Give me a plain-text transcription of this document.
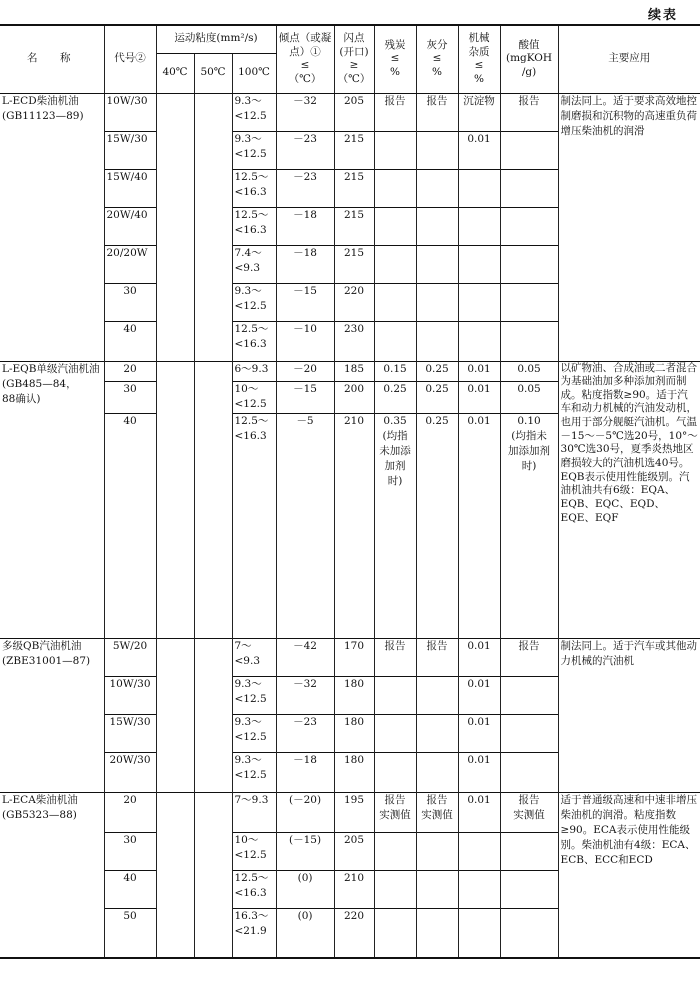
续表
名　称	代号②	运动粘度(mm²/s)			倾点（或凝点）①
≤
（℃）	闪点
(开口)
≥
（℃）	残炭
≤
%	灰分
≤
%	机械
杂质
≤
%	酸值
(mgKOH
/g)	主要应用
		40℃	50℃	100℃							
L-ECD柴油机油
(GB11123—89)	10W/30			9.3～
<12.5	－32	205	报告	报告	沉淀物	报告	制法同上。适于要求高效地控制磨损和沉积物的高速重负荷增压柴油机的润滑
	15W/30			9.3～
<12.5	－23	215			0.01		
	15W/40			12.5～
<16.3	－23	215					
	20W/40			12.5～
<16.3	－18	215					
	20/20W			7.4～
<9.3	－18	215					
	30			9.3～
<12.5	－15	220					
	40			12.5～
<16.3	－10	230					
L-EQB单级汽油机油
(GB485—84，
88确认)	20			6～9.3	－20	185	0.15	0.25	0.01	0.05	以矿物油、合成油或二者混合为基础油加多种添加剂而制成。粘度指数≥90。适于汽车和动力机械的汽油发动机，也用于部分舰艇汽油机。气温－15～－5℃选20号，10°～30℃选30号，夏季炎热地区磨损较大的汽油机选40号。EQB表示使用性能级别。汽油机油共有6级：EQA、EQB、EQC、EQD、EQE、EQF
	30			10～
<12.5	－15	200	0.25	0.25	0.01	0.05	
	40			12.5～
<16.3	－5	210	0.35
(均指
未加添
加剂
时)	0.25	0.01	0.10
(均指未
加添加剂
时)	
多级QB汽油机油
(ZBE31001—87)	5W/20			7～
<9.3	－42	170	报告	报告	0.01	报告	制法同上。适于汽车或其他动力机械的汽油机
	10W/30			9.3～
<12.5	－32	180			0.01		
	15W/30			9.3～
<12.5	－23	180			0.01		
	20W/30			9.3～
<12.5	－18	180			0.01		
L-ECA柴油机油
(GB5323—88)	20			7～9.3	(－20)	195	报告
实测值	报告
实测值	0.01	报告
实测值	适于普通级高速和中速非增压柴油机的润滑。粘度指数≥90。ECA表示使用性能级别。柴油机油有4级：ECA、ECB、ECC和ECD
	30			10～
<12.5	(－15)	205					
	40			12.5～
<16.3	(0)	210					
	50			16.3～
<21.9	(0)	220					
